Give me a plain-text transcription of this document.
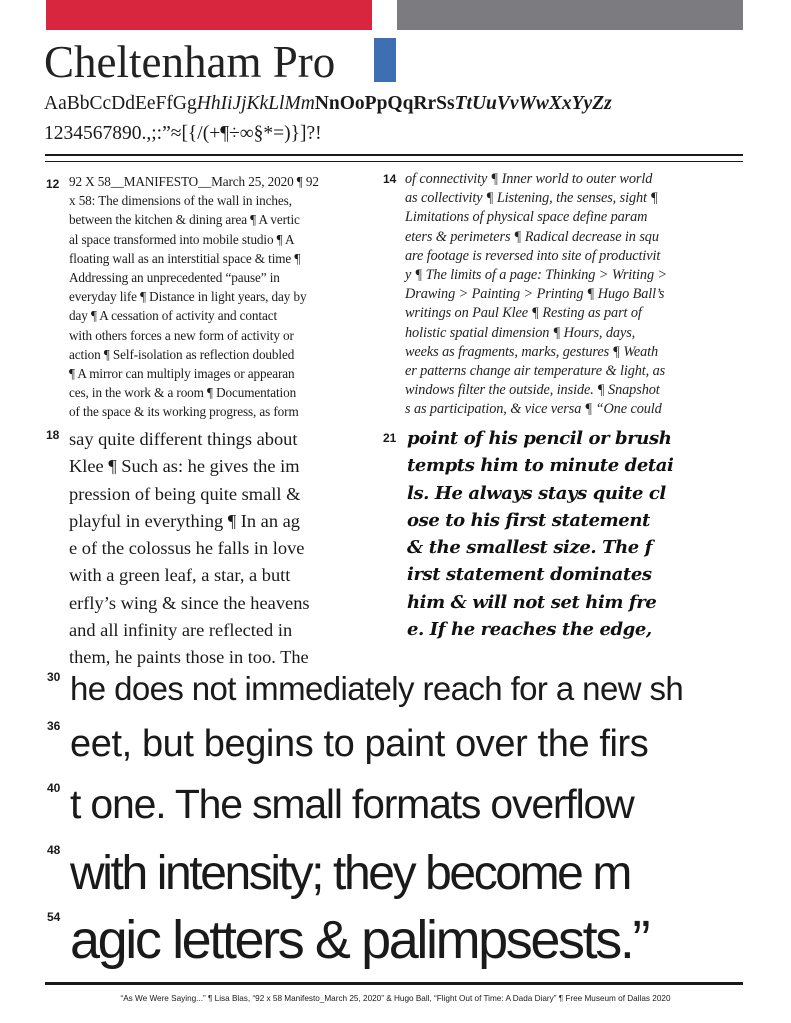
Cheltenham Pro
AaBbCcDdEeFfGgHhIiJjKkLlMmNnOoPpQqRrSsTtUuVvWwXxYyZz
1234567890.,;:”≈[{/(+¶÷∞§*=)}]?!
12 92 X 58__MANIFESTO__March 25, 2020 ¶ 92

x 58: The dimensions of the wall in inches,

between the kitchen & dining area ¶ A vertic

al space transformed into mobile studio ¶ A

floating wall as an interstitial space & time ¶

Addressing an unprecedented “pause” in

everyday life ¶ Distance in light years, day by

day ¶ A cessation of activity and contact

with others forces a new form of activity or

action ¶ Self-isolation as reflection doubled

¶ A mirror can multiply images or appearan

ces, in the work & a room ¶ Documentation

of the space & its working progress, as form

14 of connectivity ¶ Inner world to outer world

as collectivity ¶ Listening, the senses, sight ¶

Limitations of physical space define param

eters & perimeters ¶ Radical decrease in squ

are footage is reversed into site of productivit

y ¶ The limits of a page: Thinking > Writing >

Drawing > Painting > Printing ¶ Hugo Ball’s

writings on Paul Klee ¶ Resting as part of

holistic spatial dimension ¶ Hours, days,

weeks as fragments, marks, gestures ¶ Weath

er patterns change air temperature & light, as

windows filter the outside, inside. ¶ Snapshot

s as participation, & vice versa ¶ “One could

18 say quite different things about

Klee ¶ Such as: he gives the im

pression of being quite small &

playful in everything ¶ In an ag

e of the colossus he falls in love

with a green leaf, a star, a butt

erfly’s wing & since the heavens

and all infinity are reflected in

them, he paints those in too. The

21 point of his pencil or brush

tempts him to minute detai

ls. He always stays quite cl

ose to his first statement

& the smallest size. The f

irst statement dominates

him & will not set him fre

e. If he reaches the edge,

30 he does not immediately reach for a new sh
36 eet, but begins to paint over the firs
40 t one. The small formats overflow
48 with intensity; they become m
54 agic letters & palimpsests.”
“As We Were Saying...” ¶ Lisa Blas, “92 x 58 Manifesto_March 25, 2020” & Hugo Ball, “Flight Out of Time: A Dada Diary” ¶ Free Museum of Dallas 2020
